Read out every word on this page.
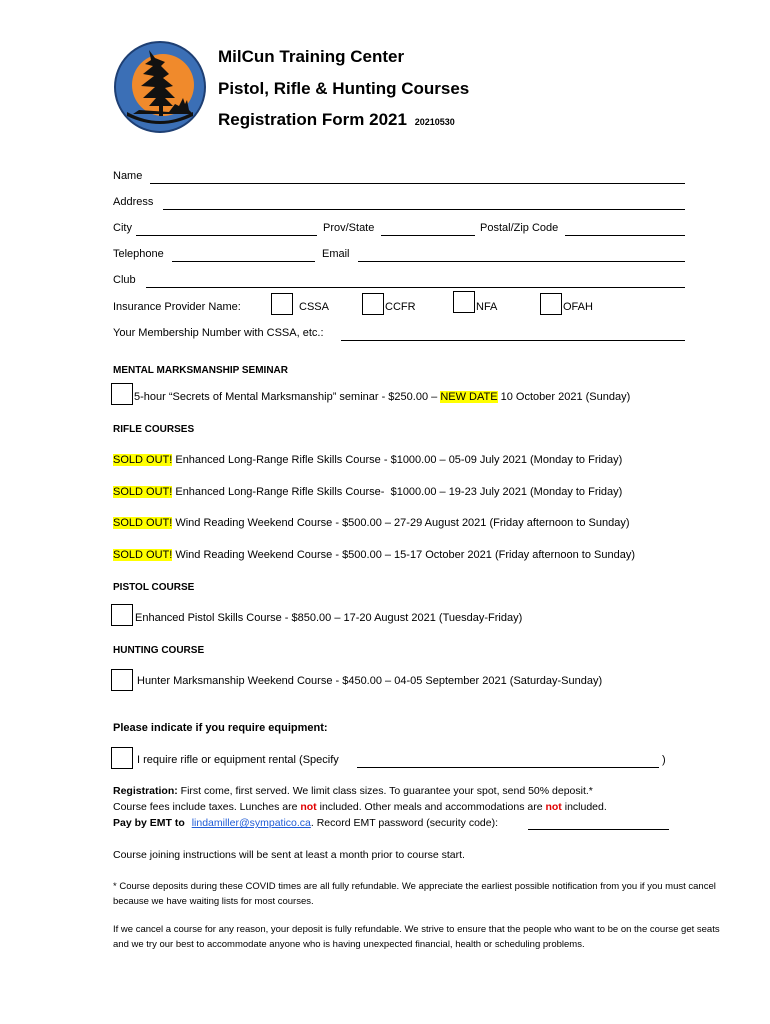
MilCun Training Center
Pistol, Rifle & Hunting Courses
Registration Form 2021 20210530
Name
Address
City	Prov/State	Postal/Zip Code
Telephone	Email
Club
Insurance Provider Name:	CSSA	CCFR	NFA	OFAH
Your Membership Number with CSSA, etc.:
MENTAL MARKSMANSHIP SEMINAR
5-hour “Secrets of Mental Marksmanship” seminar - $250.00 – NEW DATE 10 October 2021 (Sunday)
RIFLE COURSES
SOLD OUT! Enhanced Long-Range Rifle Skills Course - $1000.00 – 05-09 July 2021 (Monday to Friday)
SOLD OUT! Enhanced Long-Range Rifle Skills Course-  $1000.00 – 19-23 July 2021 (Monday to Friday)
SOLD OUT! Wind Reading Weekend Course - $500.00 – 27-29 August 2021 (Friday afternoon to Sunday)
SOLD OUT! Wind Reading Weekend Course - $500.00 – 15-17 October 2021 (Friday afternoon to Sunday)
PISTOL COURSE
Enhanced Pistol Skills Course - $850.00 – 17-20 August 2021 (Tuesday-Friday)
HUNTING COURSE
Hunter Marksmanship Weekend Course - $450.00 – 04-05 September 2021 (Saturday-Sunday)
Please indicate if you require equipment:
I require rifle or equipment rental (Specify	)
Registration: First come, first served. We limit class sizes. To guarantee your spot, send 50% deposit.*
Course fees include taxes. Lunches are not included. Other meals and accommodations are not included.
Pay by EMT to lindamiller@sympatico.ca. Record EMT password (security code):
Course joining instructions will be sent at least a month prior to course start.
* Course deposits during these COVID times are all fully refundable. We appreciate the earliest possible notification from you if you must cancel because we have waiting lists for most courses.
If we cancel a course for any reason, your deposit is fully refundable. We strive to ensure that the people who want to be on the course get seats and we try our best to accommodate anyone who is having unexpected financial, health or scheduling problems.
